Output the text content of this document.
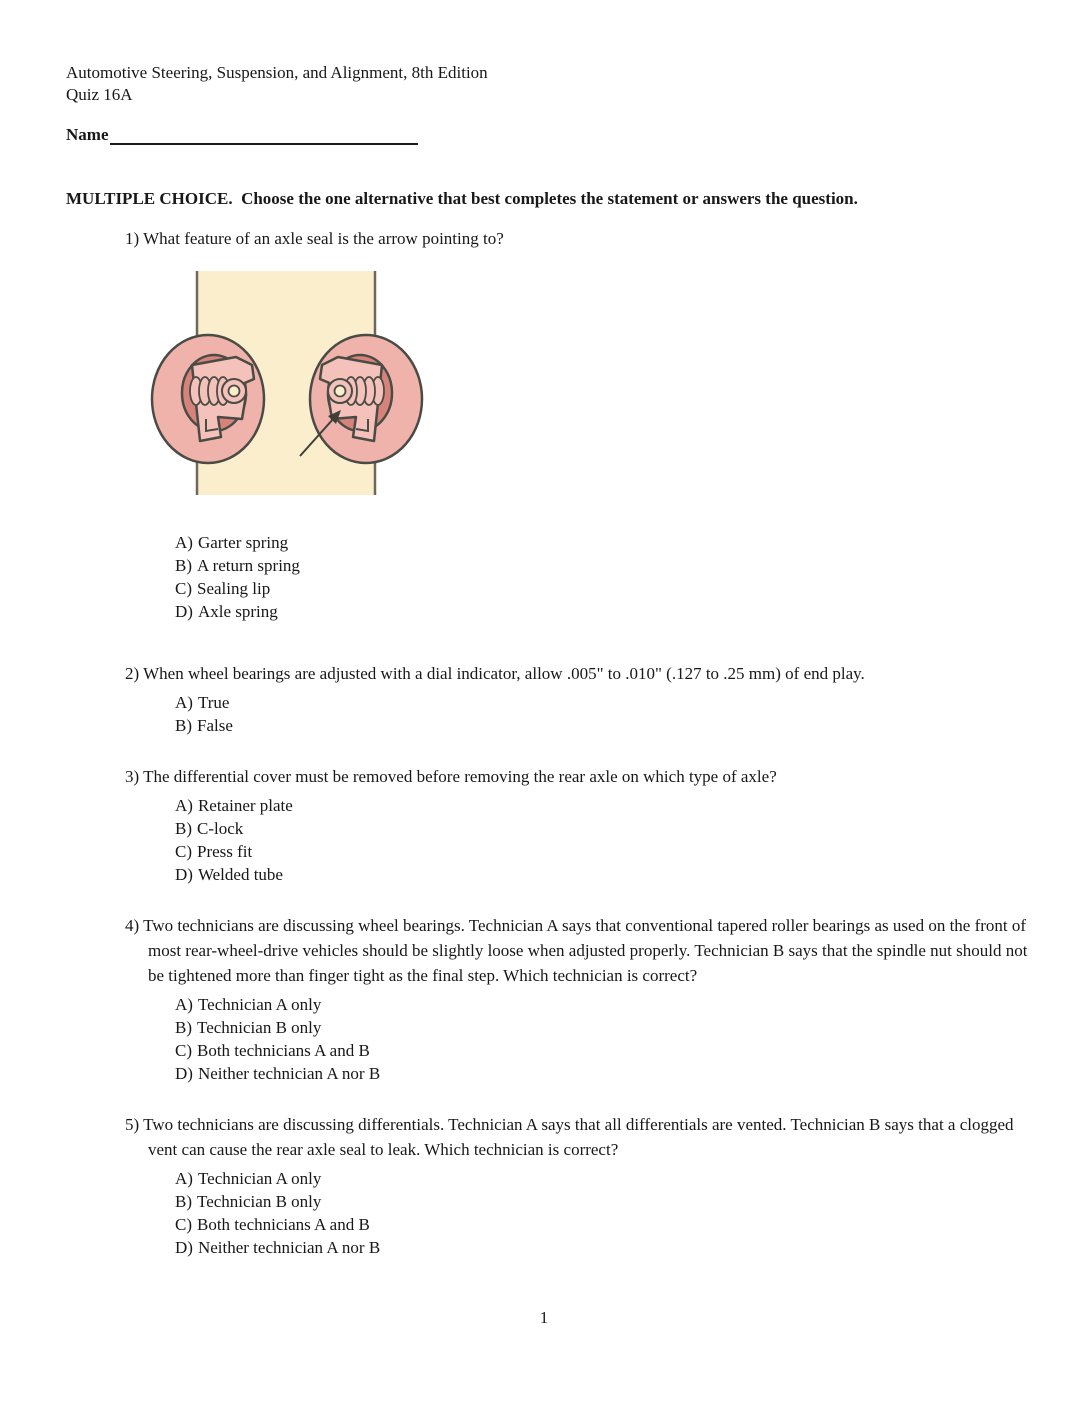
Automotive Steering, Suspension, and Alignment, 8th Edition
Quiz 16A
Name
MULTIPLE CHOICE.  Choose the one alternative that best completes the statement or answers the question.
1) What feature of an axle seal is the arrow pointing to?
A) Garter spring
B) A return spring
C) Sealing lip
D) Axle spring
2) When wheel bearings are adjusted with a dial indicator, allow .005" to .010" (.127 to .25 mm) of end play.
A) True
B) False
3) The differential cover must be removed before removing the rear axle on which type of axle?
A) Retainer plate
B) C-lock
C) Press fit
D) Welded tube
4) Two technicians are discussing wheel bearings. Technician A says that conventional tapered roller bearings as used on the front of most rear-wheel-drive vehicles should be slightly loose when adjusted properly. Technician B says that the spindle nut should not be tightened more than finger tight as the final step. Which technician is correct?
A) Technician A only
B) Technician B only
C) Both technicians A and B
D) Neither technician A nor B
5) Two technicians are discussing differentials. Technician A says that all differentials are vented. Technician B says that a clogged vent can cause the rear axle seal to leak. Which technician is correct?
A) Technician A only
B) Technician B only
C) Both technicians A and B
D) Neither technician A nor B
1
